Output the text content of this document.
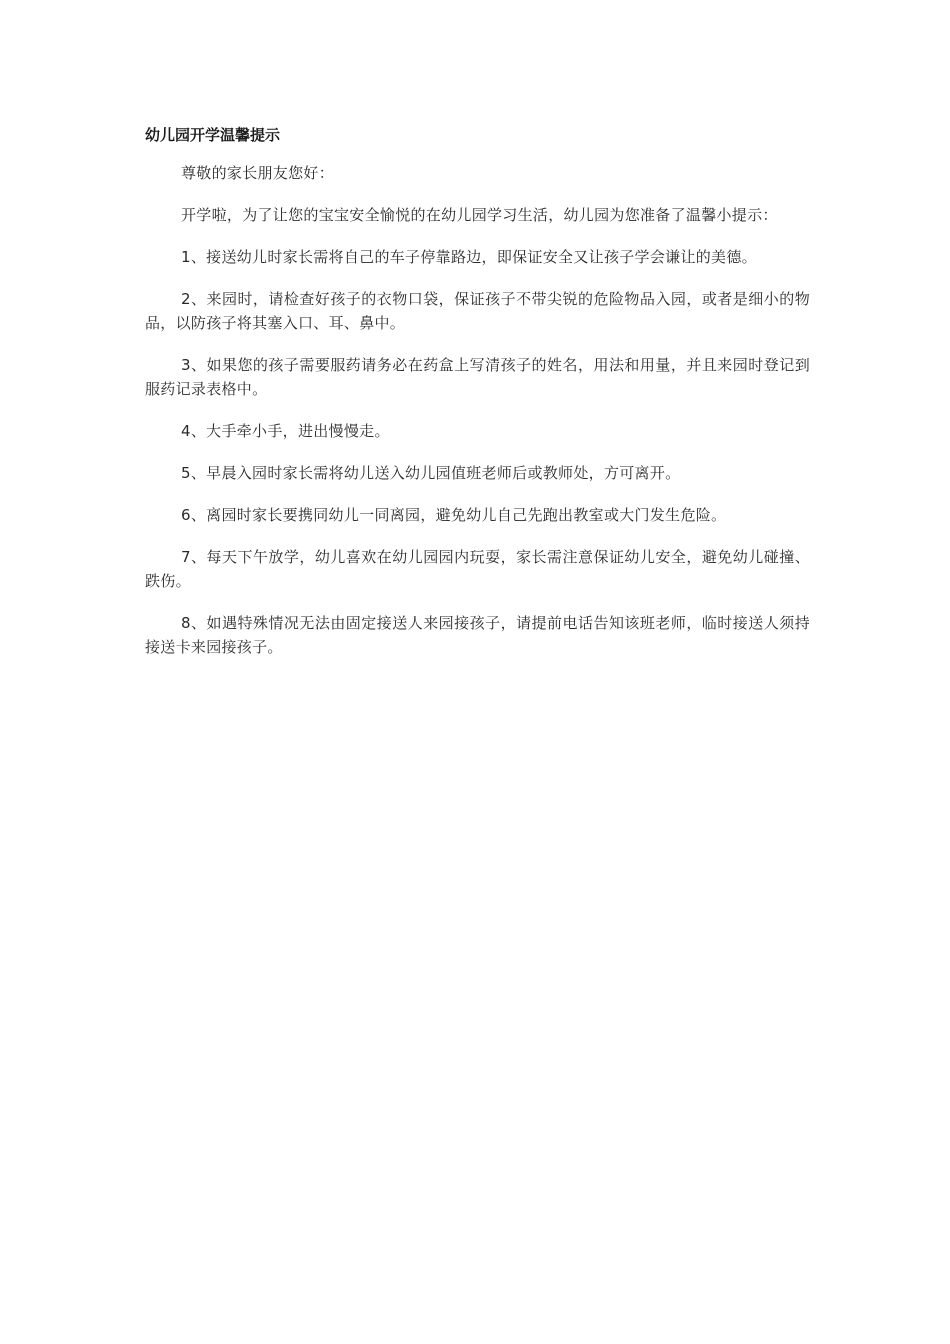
幼儿园开学温馨提示

尊敬的家长朋友您好：

开学啦，为了让您的宝宝安全愉悦的在幼儿园学习生活，幼儿园为您准备了温馨小提示：

1、接送幼儿时家长需将自己的车子停靠路边，即保证安全又让孩子学会谦让的美德。

2、来园时，请检查好孩子的衣物口袋，保证孩子不带尖锐的危险物品入园，或者是细小的物品，以防孩子将其塞入口、耳、鼻中。

3、如果您的孩子需要服药请务必在药盒上写清孩子的姓名，用法和用量，并且来园时登记到服药记录表格中。

4、大手牵小手，进出慢慢走。

5、早晨入园时家长需将幼儿送入幼儿园值班老师后或教师处，方可离开。

6、离园时家长要携同幼儿一同离园，避免幼儿自己先跑出教室或大门发生危险。

7、每天下午放学，幼儿喜欢在幼儿园园内玩耍，家长需注意保证幼儿安全，避免幼儿碰撞、跌伤。

8、如遇特殊情况无法由固定接送人来园接孩子，请提前电话告知该班老师，临时接送人须持接送卡来园接孩子。
